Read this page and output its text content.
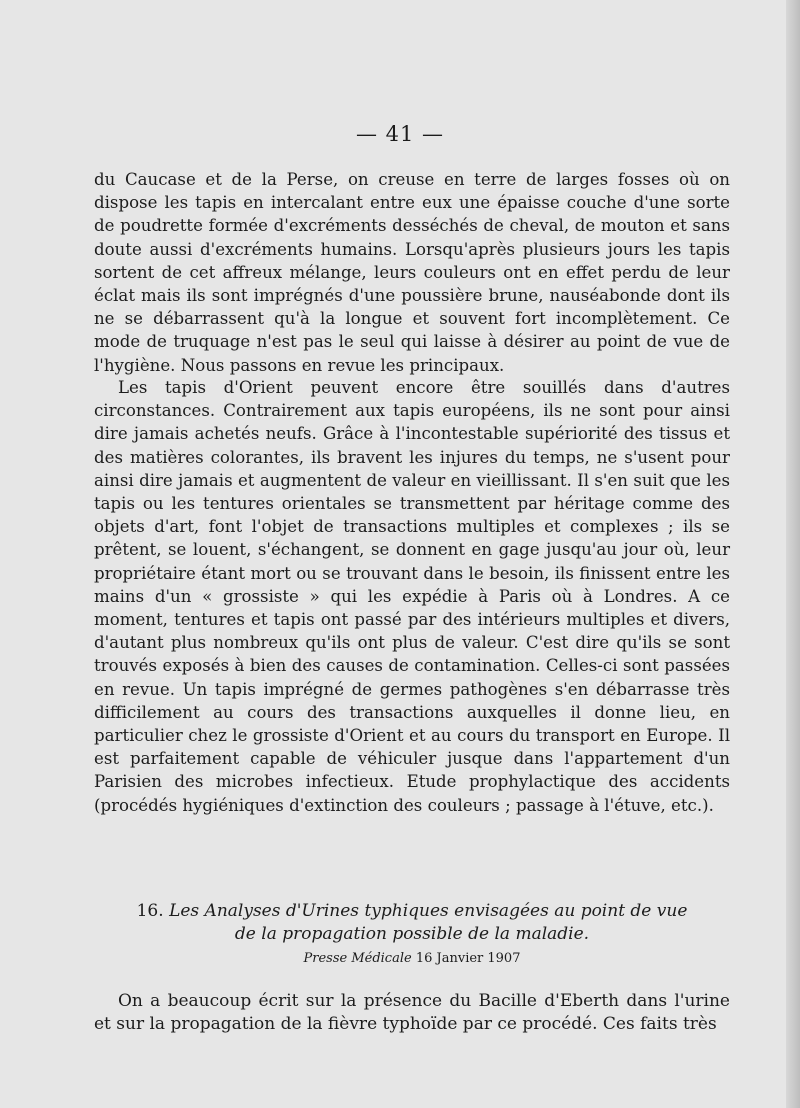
— 41 —

du Caucase et de la Perse, on creuse en terre de larges fosses où on dispose les tapis en intercalant entre eux une épaisse couche d'une sorte de poudrette formée d'excréments desséchés de cheval, de mouton et sans doute aussi d'excréments humains. Lorsqu'après plusieurs jours les tapis sortent de cet affreux mélange, leurs couleurs ont en effet perdu de leur éclat mais ils sont imprégnés d'une poussière brune, nauséabonde dont ils ne se débarrassent qu'à la longue et souvent fort incomplètement. Ce mode de truquage n'est pas le seul qui laisse à désirer au point de vue de l'hygiène. Nous passons en revue les principaux.

Les tapis d'Orient peuvent encore être souillés dans d'autres circonstances. Contrairement aux tapis européens, ils ne sont pour ainsi dire jamais achetés neufs. Grâce à l'incontestable supériorité des tissus et des matières colorantes, ils bravent les injures du temps, ne s'usent pour ainsi dire jamais et augmentent de valeur en vieillissant. Il s'en suit que les tapis ou les tentures orientales se transmettent par héritage comme des objets d'art, font l'objet de transactions multiples et complexes ; ils se prêtent, se louent, s'échangent, se donnent en gage jusqu'au jour où, leur propriétaire étant mort ou se trouvant dans le besoin, ils finissent entre les mains d'un « grossiste » qui les expédie à Paris où à Londres. A ce moment, tentures et tapis ont passé par des intérieurs multiples et divers, d'autant plus nombreux qu'ils ont plus de valeur. C'est dire qu'ils se sont trouvés exposés à bien des causes de contamination. Celles-ci sont passées en revue. Un tapis imprégné de germes pathogènes s'en débarrasse très difficilement au cours des transactions auxquelles il donne lieu, en particulier chez le grossiste d'Orient et au cours du transport en Europe. Il est parfaitement capable de véhiculer jusque dans l'appartement d'un Parisien des microbes infectieux. Etude prophylactique des accidents (procédés hygiéniques d'extinction des couleurs ; passage à l'étuve, etc.).

16. Les Analyses d'Urines typhiques envisagées au point de vue
de la propagation possible de la maladie.
Presse Médicale 16 Janvier 1907

On a beaucoup écrit sur la présence du Bacille d'Eberth dans l'urine et sur la propagation de la fièvre typhoïde par ce procédé. Ces faits très
